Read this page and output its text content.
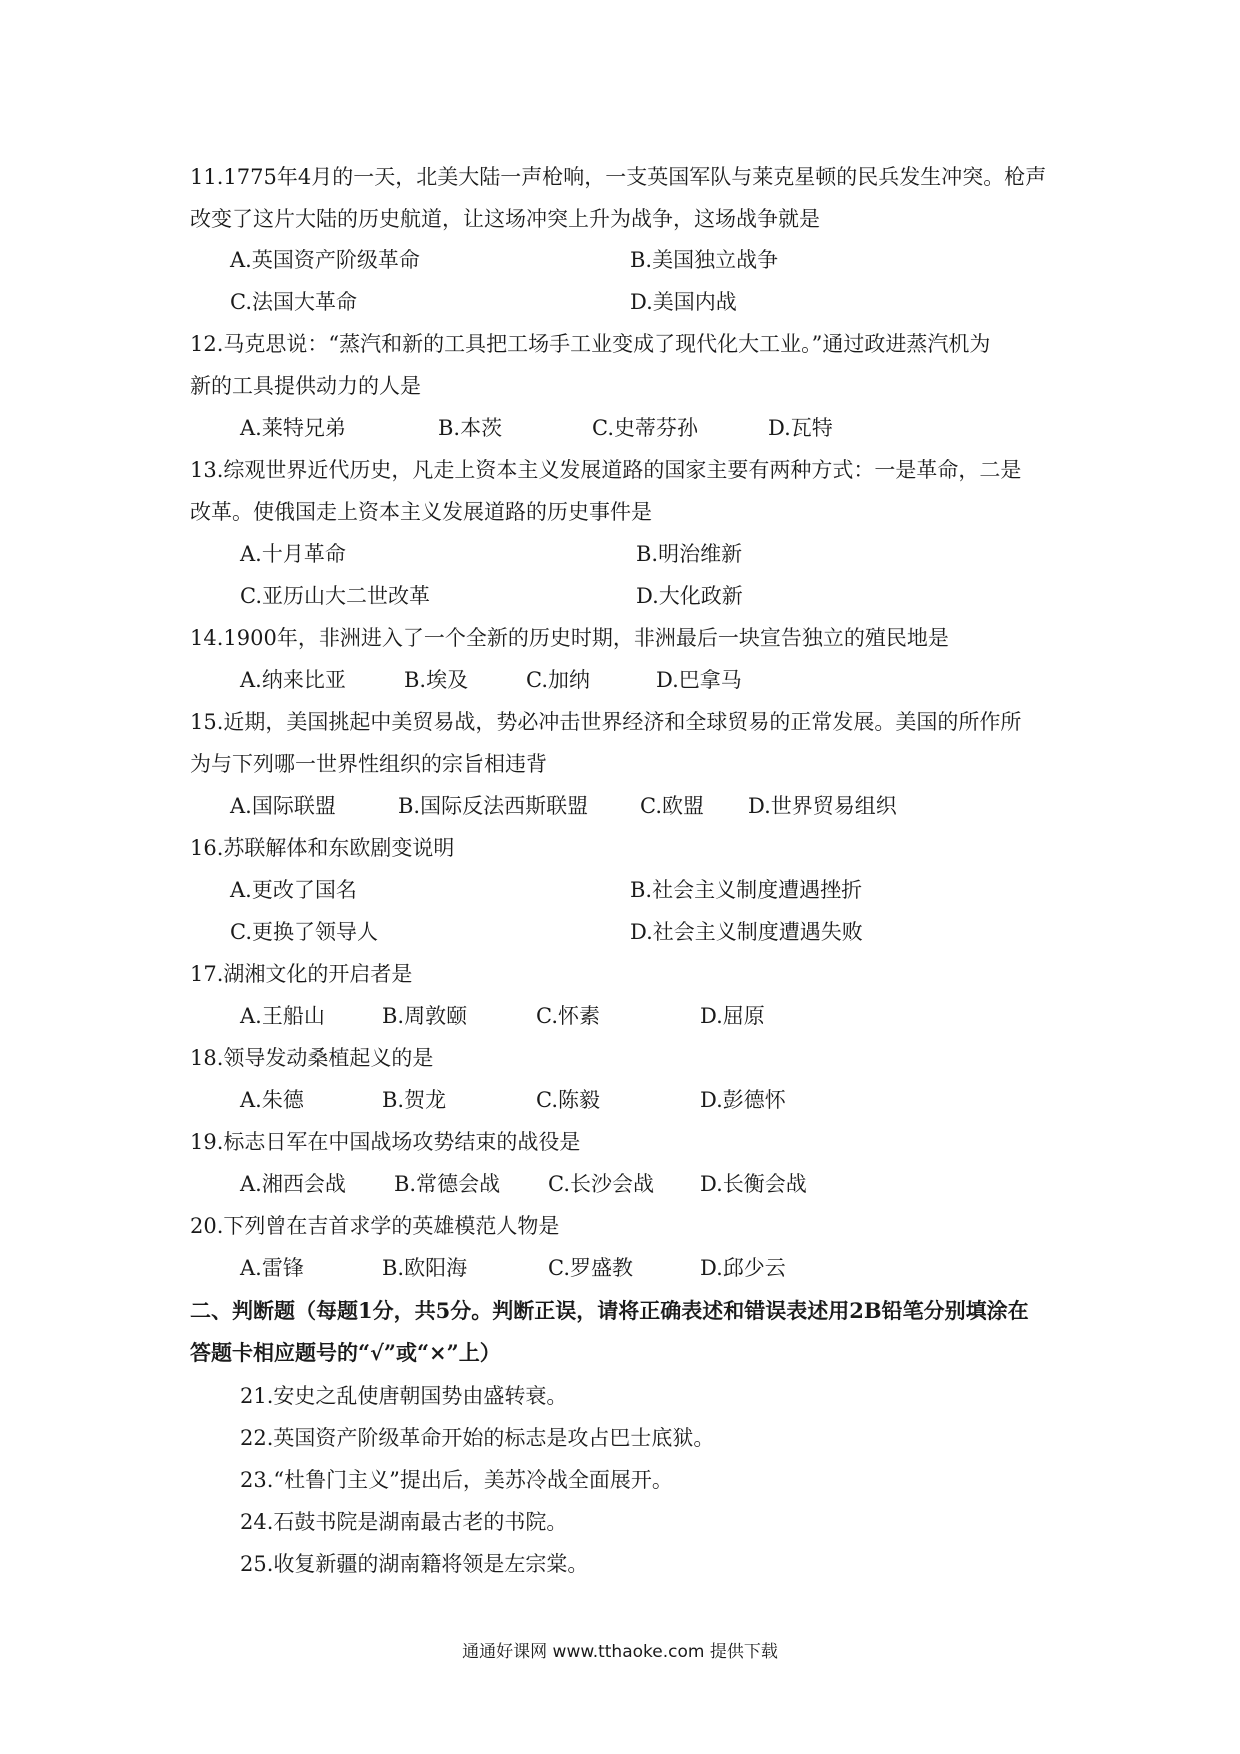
11.1775年4月的一天，北美大陆一声枪响，一支英国军队与莱克星顿的民兵发生冲突。枪声
改变了这片大陆的历史航道，让这场冲突上升为战争，这场战争就是
A.英国资产阶级革命	B.美国独立战争
C.法国大革命	D.美国内战
12.马克思说：“蒸汽和新的工具把工场手工业变成了现代化大工业。”通过政进蒸汽机为
新的工具提供动力的人是
A.莱特兄弟	B.本茨	C.史蒂芬孙	D.瓦特
13.综观世界近代历史，凡走上资本主义发展道路的国家主要有两种方式：一是革命，二是
改革。使俄国走上资本主义发展道路的历史事件是
A.十月革命	B.明治维新
C.亚历山大二世改革	D.大化政新
14.1900年，非洲进入了一个全新的历史时期，非洲最后一块宣告独立的殖民地是
A.纳来比亚	B.埃及	C.加纳	D.巴拿马
15.近期，美国挑起中美贸易战，势必冲击世界经济和全球贸易的正常发展。美国的所作所
为与下列哪一世界性组织的宗旨相违背
A.国际联盟	B.国际反法西斯联盟 C.欧盟 D.世界贸易组织
16.苏联解体和东欧剧变说明
A.更改了国名	B.社会主义制度遭遇挫折
C.更换了领导人	D.社会主义制度遭遇失败
17.湖湘文化的开启者是
A.王船山	B.周敦颐	C.怀素	D.屈原
18.领导发动桑植起义的是
A.朱德	B.贺龙	C.陈毅	D.彭德怀
19.标志日军在中国战场攻势结束的战役是
A.湘西会战 B.常德会战 C.长沙会战 D.长衡会战
20.下列曾在吉首求学的英雄模范人物是
A.雷锋	B.欧阳海	C.罗盛教	D.邱少云
二、判断题（每题1分，共5分。判断正误，请将正确表述和错误表述用2B铅笔分别填涂在
答题卡相应题号的“√”或“×”上）
21.安史之乱使唐朝国势由盛转衰。
22.英国资产阶级革命开始的标志是攻占巴士底狱。
23.“杜鲁门主义”提出后，美苏冷战全面展开。
24.石鼓书院是湖南最古老的书院。
25.收复新疆的湖南籍将领是左宗棠。
通通好课网 www.tthaoke.com 提供下载
